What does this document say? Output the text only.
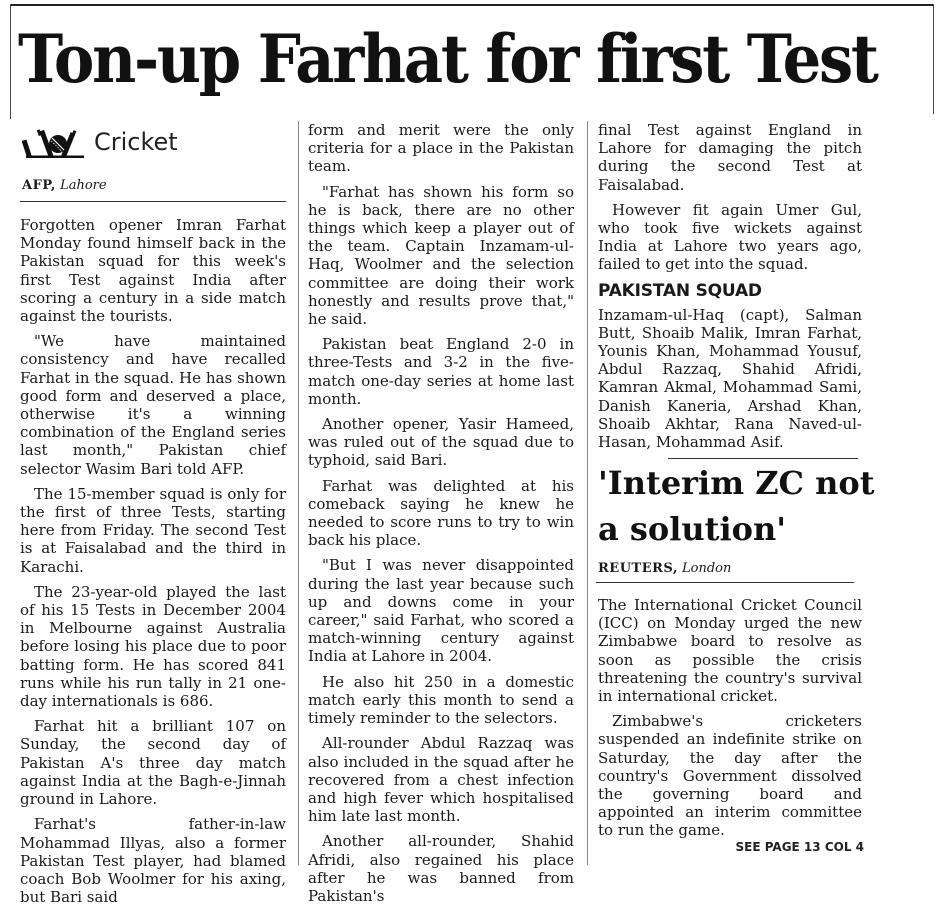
Ton-up Farhat for first Test
Cricket
AFP, Lahore

Forgotten opener Imran Farhat Monday found himself back in the Pakistan squad for this week's first Test against India after scoring a century in a side match against the tourists.

"We have maintained consistency and have recalled Farhat in the squad. He has shown good form and deserved a place, otherwise it's a winning combination of the England series last month," Pakistan chief selector Wasim Bari told AFP.

The 15-member squad is only for the first of three Tests, starting here from Friday. The second Test is at Faisalabad and the third in Karachi.

The 23-year-old played the last of his 15 Tests in December 2004 in Melbourne against Australia before losing his place due to poor batting form. He has scored 841 runs while his run tally in 21 one-day internationals is 686.

Farhat hit a brilliant 107 on Sunday, the second day of Pakistan A's three day match against India at the Bagh-e-Jinnah ground in Lahore.

Farhat's father-in-law Mohammad Illyas, also a former Pakistan Test player, had blamed coach Bob Woolmer for his axing, but Bari said

form and merit were the only criteria for a place in the Pakistan team.

"Farhat has shown his form so he is back, there are no other things which keep a player out of the team. Captain Inzamam-ul-Haq, Woolmer and the selection committee are doing their work honestly and results prove that," he said.

Pakistan beat England 2-0 in three-Tests and 3-2 in the five-match one-day series at home last month.

Another opener, Yasir Hameed, was ruled out of the squad due to typhoid, said Bari.

Farhat was delighted at his comeback saying he knew he needed to score runs to try to win back his place.

"But I was never disappointed during the last year because such up and downs come in your career," said Farhat, who scored a match-winning century against India at Lahore in 2004.

He also hit 250 in a domestic match early this month to send a timely reminder to the selectors.

All-rounder Abdul Razzaq was also included in the squad after he recovered from a chest infection and high fever which hospitalised him late last month.

Another all-rounder, Shahid Afridi, also regained his place after he was banned from Pakistan's

final Test against England in Lahore for damaging the pitch during the second Test at Faisalabad.

However fit again Umer Gul, who took five wickets against India at Lahore two years ago, failed to get into the squad.

PAKISTAN SQUAD

Inzamam-ul-Haq (capt), Salman Butt, Shoaib Malik, Imran Farhat, Younis Khan, Mohammad Yousuf, Abdul Razzaq, Shahid Afridi, Kamran Akmal, Mohammad Sami, Danish Kaneria, Arshad Khan, Shoaib Akhtar, Rana Naved-ul-Hasan, Mohammad Asif.

'Interim ZC not a solution'
REUTERS, London

The International Cricket Council (ICC) on Monday urged the new Zimbabwe board to resolve as soon as possible the crisis threatening the country's survival in international cricket.

Zimbabwe's cricketers suspended an indefinite strike on Saturday, the day after the country's Government dissolved the governing board and appointed an interim committee to run the game.

SEE PAGE 13 COL 4
